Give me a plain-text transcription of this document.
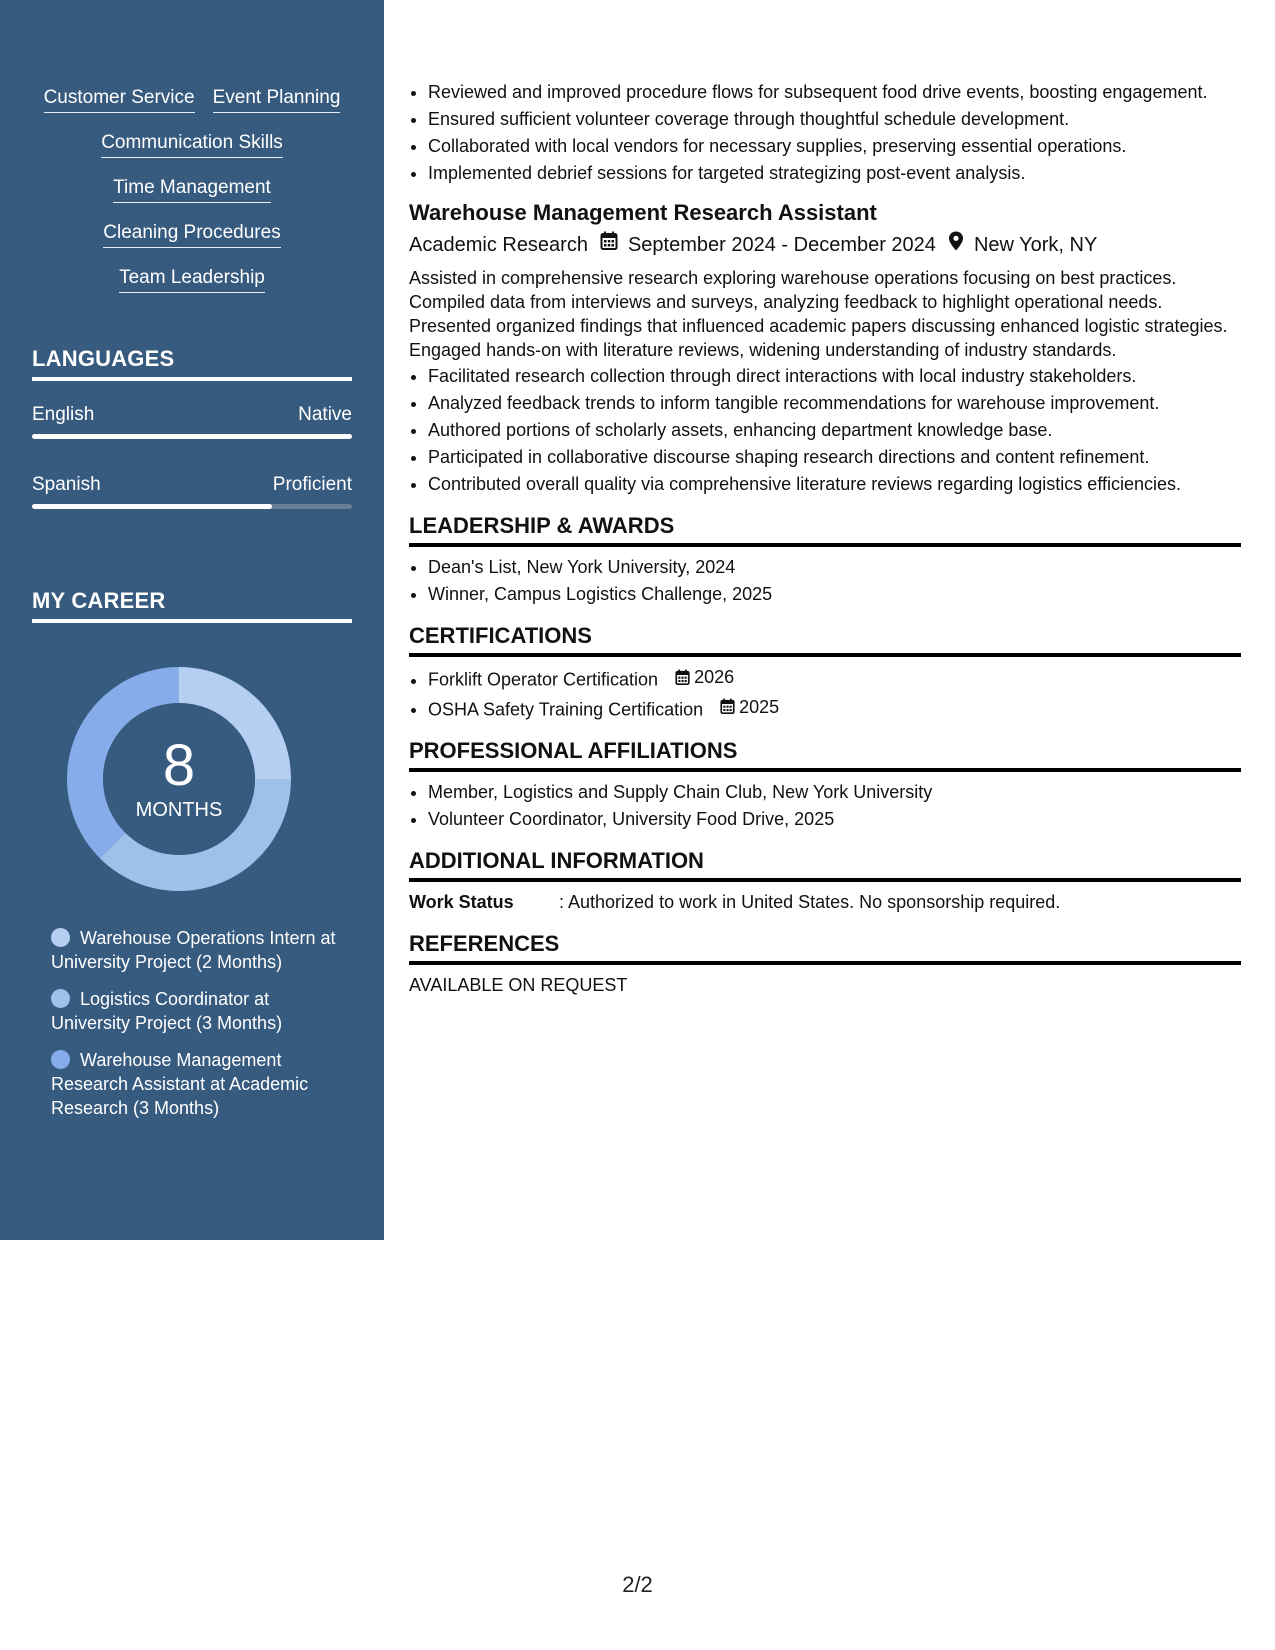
Customer Service Event Planning
Communication Skills
Time Management
Cleaning Procedures
Team Leadership
LANGUAGES
English	Native
Spanish	Proficient
MY CAREER
8
MONTHS
Warehouse Operations Intern at University Project (2 Months)
Logistics Coordinator at University Project (3 Months)
Warehouse Management Research Assistant at Academic Research (3 Months)
• Reviewed and improved procedure flows for subsequent food drive events, boosting engagement.
• Ensured sufficient volunteer coverage through thoughtful schedule development.
• Collaborated with local vendors for necessary supplies, preserving essential operations.
• Implemented debrief sessions for targeted strategizing post-event analysis.
Warehouse Management Research Assistant
Academic Research September 2024 - December 2024 New York, NY
Assisted in comprehensive research exploring warehouse operations focusing on best practices. Compiled data from interviews and surveys, analyzing feedback to highlight operational needs. Presented organized findings that influenced academic papers discussing enhanced logistic strategies. Engaged hands-on with literature reviews, widening understanding of industry standards.
• Facilitated research collection through direct interactions with local industry stakeholders.
• Analyzed feedback trends to inform tangible recommendations for warehouse improvement.
• Authored portions of scholarly assets, enhancing department knowledge base.
• Participated in collaborative discourse shaping research directions and content refinement.
• Contributed overall quality via comprehensive literature reviews regarding logistics efficiencies.
LEADERSHIP & AWARDS
• Dean's List, New York University, 2024
• Winner, Campus Logistics Challenge, 2025
CERTIFICATIONS
• Forklift Operator Certification 2026
• OSHA Safety Training Certification 2025
PROFESSIONAL AFFILIATIONS
• Member, Logistics and Supply Chain Club, New York University
• Volunteer Coordinator, University Food Drive, 2025
ADDITIONAL INFORMATION
Work Status	: Authorized to work in United States. No sponsorship required.
REFERENCES
AVAILABLE ON REQUEST
2/2
